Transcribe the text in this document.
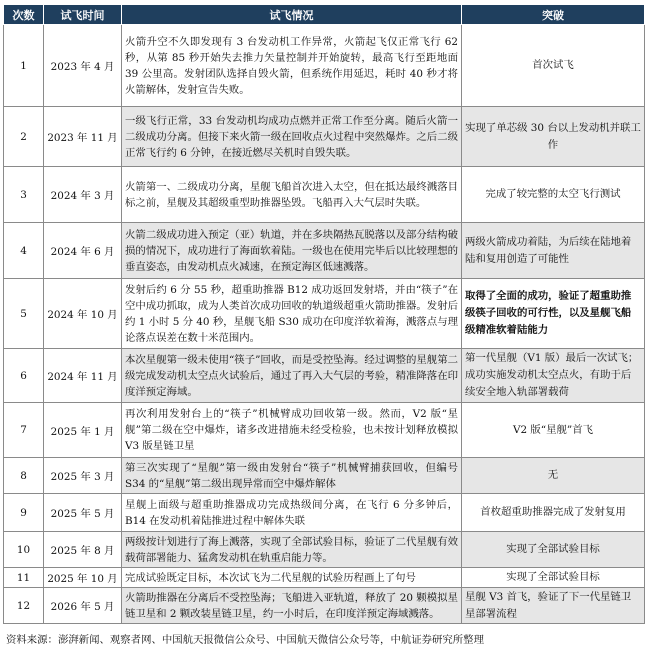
次数	试飞时间	试飞情况	突破
1	2023 年 4 月	火箭升空不久即发现有 3 台发动机工作异常，火箭起飞仅正常飞行 62 秒，从第 85 秒开始失去推力矢量控制并开始旋转，最高飞行至距地面 39 公里高。发射团队选择自毁火箭，但系统作用延迟，耗时 40 秒才将火箭解体，发射宣告失败。	首次试飞
2	2023 年 11 月	一级飞行正常，33 台发动机均成功点燃并正常工作至分离。随后火箭一二级成功分离。但接下来火箭一级在回收点火过程中突然爆炸。之后二级正常飞行约 6 分钟，在接近燃尽关机时自毁失联。	实现了单芯级 30 台以上发动机并联工作
3	2024 年 3 月	火箭第一、二级成功分离，星舰飞船首次进入太空，但在抵达最终溅落目标之前，星舰及其超级重型助推器坠毁。飞船再入大气层时失联。	完成了较完整的太空飞行测试
4	2024 年 6 月	火箭二级成功进入预定（亚）轨道，并在多块隔热瓦脱落以及部分结构破损的情况下，成功进行了海面软着陆。一级也在使用完毕后以比较理想的垂直姿态，由发动机点火减速，在预定海区低速溅落。	两级火箭成功着陆，为后续在陆地着陆和复用创造了可能性
5	2024 年 10 月	发射后约 6 分 55 秒，超重助推器 B12 成功返回发射塔，并由“筷子”在空中成功抓取，成为人类首次成功回收的轨道级超重火箭助推器。发射后约 1 小时 5 分 40 秒，星舰飞船 S30 成功在印度洋软着海，溅落点与理论落点误差在数十米范围内。	取得了全面的成功，验证了超重助推级筷子回收的可行性，以及星舰飞船级精准软着陆能力
6	2024 年 11 月	本次星舰第一级未使用“筷子”回收，而是受控坠海。经过调整的星舰第二级完成发动机太空点火试验后，通过了再入大气层的考验，精准降落在印度洋预定海域。	第一代星舰（V1 版）最后一次试飞；成功实施发动机太空点火，有助于后续安全地入轨部署载荷
7	2025 年 1 月	再次利用发射台上的“筷子”机械臂成功回收第一级。然而，V2 版“星舰”第二级在空中爆炸，诸多改进措施未经受检验，也未按计划释放模拟 V3 版星链卫星	V2 版“星舰”首飞
8	2025 年 3 月	第三次实现了“星舰”第一级由发射台“筷子”机械臂捕获回收，但编号 S34 的“星舰”第二级出现异常而空中爆炸解体	无
9	2025 年 5 月	星舰上面级与超重助推器成功完成热级间分离，在飞行 6 分多钟后，B14 在发动机着陆推进过程中解体失联	首枚超重助推器完成了发射复用
10	2025 年 8 月	两级按计划进行了海上溅落，实现了全部试验目标，验证了二代星舰有效载荷部署能力、猛禽发动机在轨重启能力等。	实现了全部试验目标
11	2025 年 10 月	完成试验既定目标，本次试飞为二代星舰的试验历程画上了句号	实现了全部试验目标
12	2026 年 5 月	火箭助推器在分离后不受控坠海；飞船进入亚轨道，释放了 20 颗模拟星链卫星和 2 颗改装星链卫星，约一小时后，在印度洋预定海域溅落。	星舰 V3 首飞，验证了下一代星链卫星部署流程
资料来源：澎湃新闻、观察者网、中国航天报微信公众号、中国航天微信公众号等，中航证券研究所整理
